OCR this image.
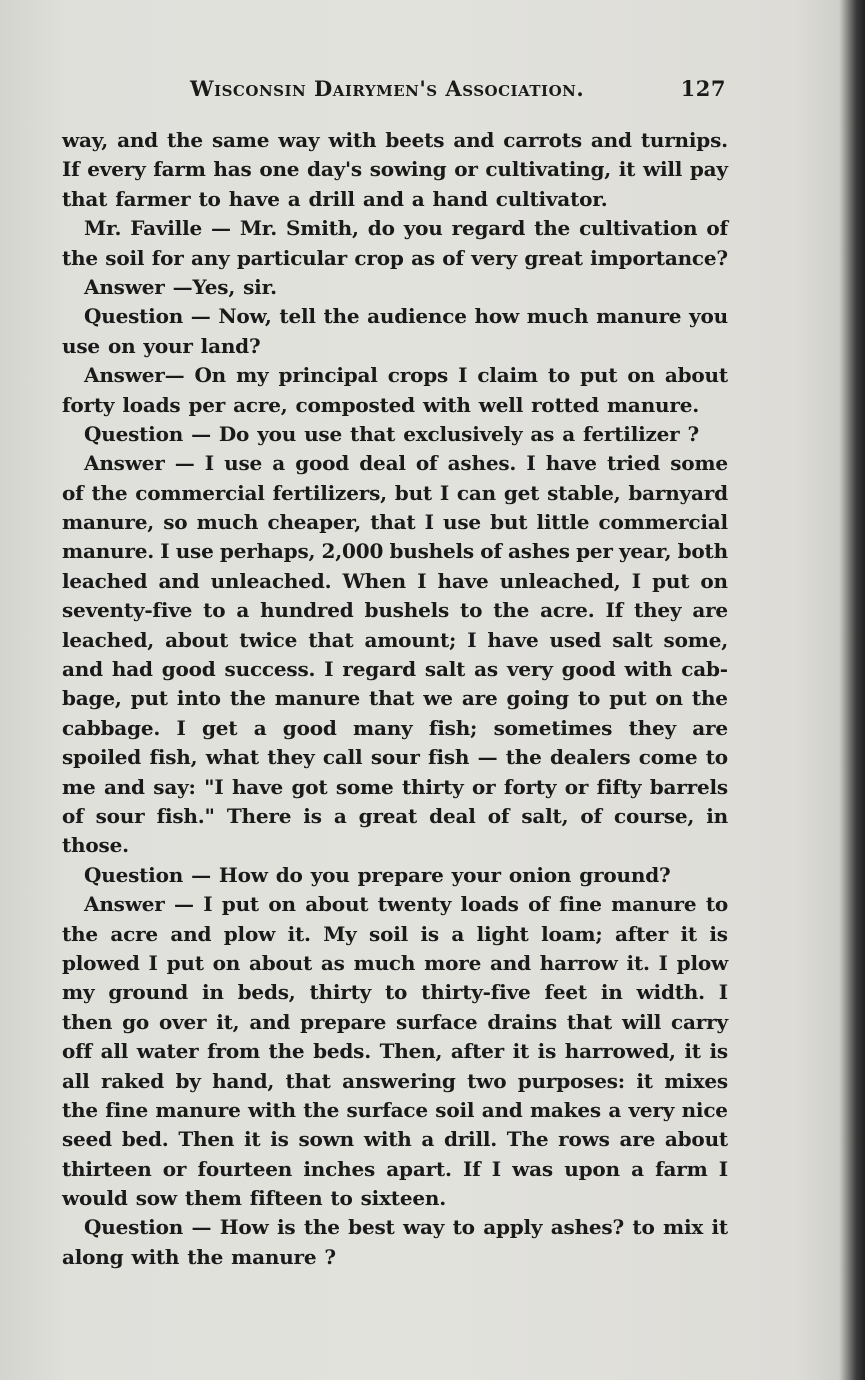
Wisconsin Dairymen's Association.	127
way, and the same way with beets and carrots and turnips.
If every farm has one day's sowing or cultivating, it will pay
that farmer to have a drill and a hand cultivator.
Mr. Faville — Mr. Smith, do you regard the cultivation of
the soil for any particular crop as of very great importance?
Answer —Yes, sir.
Question — Now, tell the audience how much manure you
use on your land?
Answer— On my principal crops I claim to put on about
forty loads per acre, composted with well rotted manure.
Question — Do you use that exclusively as a fertilizer ?
Answer — I use a good deal of ashes. I have tried some
of the commercial fertilizers, but I can get stable, barnyard
manure, so much cheaper, that I use but little commercial
manure. I use perhaps, 2,000 bushels of ashes per year, both
leached and unleached. When I have unleached, I put on
seventy-five to a hundred bushels to the acre. If they are
leached, about twice that amount; I have used salt some,
and had good success. I regard salt as very good with cab-
bage, put into the manure that we are going to put on the
cabbage. I get a good many fish; sometimes they are
spoiled fish, what they call sour fish — the dealers come to
me and say: "I have got some thirty or forty or fifty barrels
of sour fish." There is a great deal of salt, of course, in
those.
Question — How do you prepare your onion ground?
Answer — I put on about twenty loads of fine manure to
the acre and plow it. My soil is a light loam; after it is
plowed I put on about as much more and harrow it. I plow
my ground in beds, thirty to thirty-five feet in width. I
then go over it, and prepare surface drains that will carry
off all water from the beds. Then, after it is harrowed, it is
all raked by hand, that answering two purposes: it mixes
the fine manure with the surface soil and makes a very nice
seed bed. Then it is sown with a drill. The rows are about
thirteen or fourteen inches apart. If I was upon a farm I
would sow them fifteen to sixteen.
Question — How is the best way to apply ashes? to mix it
along with the manure ?
